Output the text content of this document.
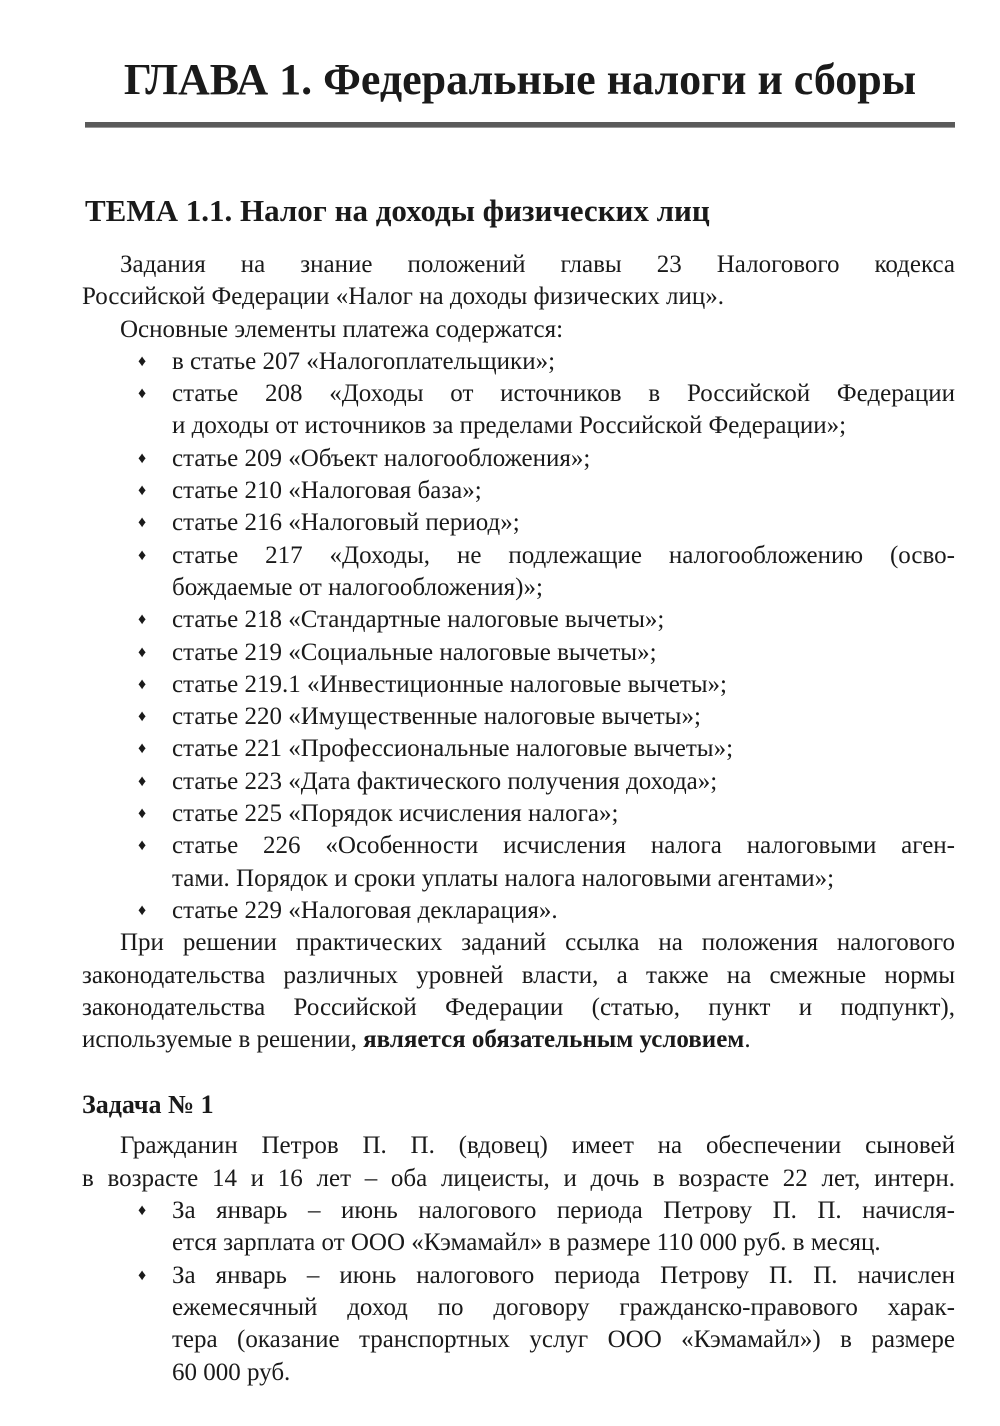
ГЛАВА 1. Федеральные налоги и сборы
ТЕМА 1.1. Налог на доходы физических лиц
Задания на знание положений главы 23 Налогового кодекса
Российской Федерации «Налог на доходы физических лиц».
Основные элементы платежа содержатся:
♦ в статье 207 «Налогоплательщики»;
♦ статье 208 «Доходы от источников в Российской Федерации
и доходы от источников за пределами Российской Федерации»;
♦ статье 209 «Объект налогообложения»;
♦ статье 210 «Налоговая база»;
♦ статье 216 «Налоговый период»;
♦ статье 217 «Доходы, не подлежащие налогообложению (осво-
бождаемые от налогообложения)»;
♦ статье 218 «Стандартные налоговые вычеты»;
♦ статье 219 «Социальные налоговые вычеты»;
♦ статье 219.1 «Инвестиционные налоговые вычеты»;
♦ статье 220 «Имущественные налоговые вычеты»;
♦ статье 221 «Профессиональные налоговые вычеты»;
♦ статье 223 «Дата фактического получения дохода»;
♦ статье 225 «Порядок исчисления налога»;
♦ статье 226 «Особенности исчисления налога налоговыми аген-
тами. Порядок и сроки уплаты налога налоговыми агентами»;
♦ статье 229 «Налоговая декларация».
При решении практических заданий ссылка на положения налогового
законодательства различных уровней власти, а также на смежные нормы
законодательства Российской Федерации (статью, пункт и подпункт),
используемые в решении, является обязательным условием.
Задача № 1
Гражданин Петров П. П. (вдовец) имеет на обеспечении сыновей
в возрасте 14 и 16 лет – оба лицеисты, и дочь в возрасте 22 лет, интерн.
♦ За январь – июнь налогового периода Петрову П. П. начисля-
ется зарплата от ООО «Кэмамайл» в размере 110 000 руб. в месяц.
♦ За январь – июнь налогового периода Петрову П. П. начислен
ежемесячный доход по договору гражданско-правового харак-
тера (оказание транспортных услуг ООО «Кэмамайл») в размере
60 000 руб.
